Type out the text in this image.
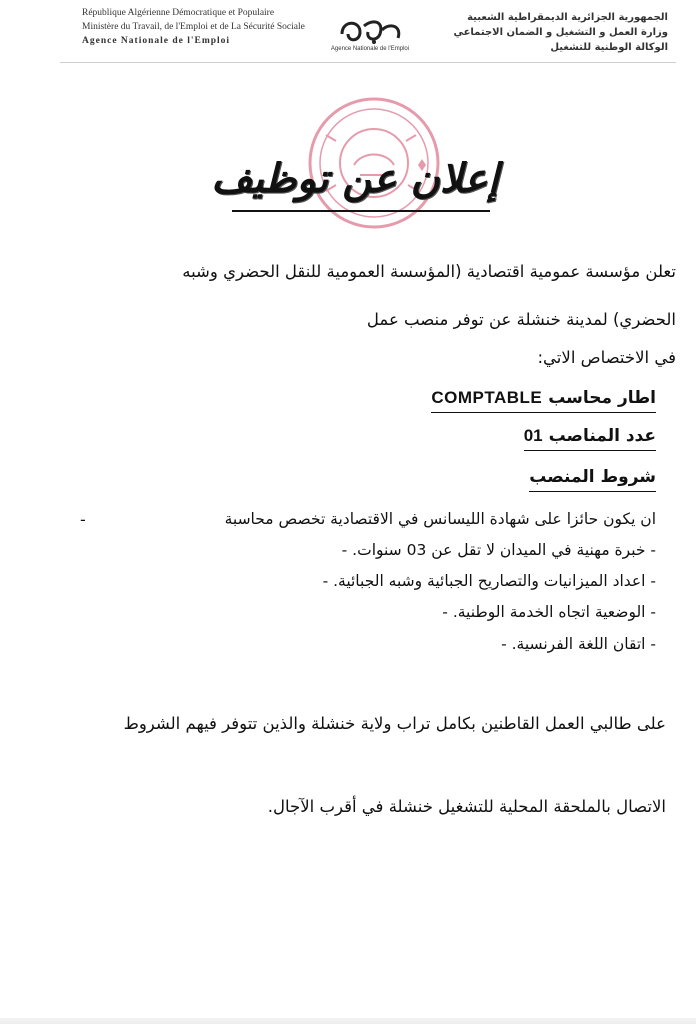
République Algérienne Démocratique et Populaire
Ministère du Travail, de l'Emploi et de La Sécurité Sociale
Agence Nationale de l'Emploi
Agence Nationale de l'Emploi
الجمهورية الجزائرية الديمقراطية الشعبية
وزارة العمل و التشغيل و الضمان الاجتماعي
الوكالة الوطنية للتشغيل
إعلان عن توظيف
تعلن مؤسسة عمومية اقتصادية (المؤسسة العمومية للنقل الحضري وشبه
الحضري) لمدينة خنشلة عن توفر منصب عمل
في الاختصاص الاتي:
اطار محاسب COMPTABLE
عدد المناصب 01
شروط المنصب
-	ان يكون حائزا على شهادة الليسانس في الاقتصادية تخصص محاسبة
- خبرة مهنية في الميدان لا تقل عن 03 سنوات. -
- اعداد الميزانيات والتصاريح الجبائية وشبه الجبائية. -
- الوضعية اتجاه الخدمة الوطنية. -
- اتقان اللغة الفرنسية. -
على طالبي العمل القاطنين بكامل تراب ولاية خنشلة والذين تتوفر فيهم الشروط
الاتصال بالملحقة المحلية للتشغيل خنشلة في أقرب الآجال.
